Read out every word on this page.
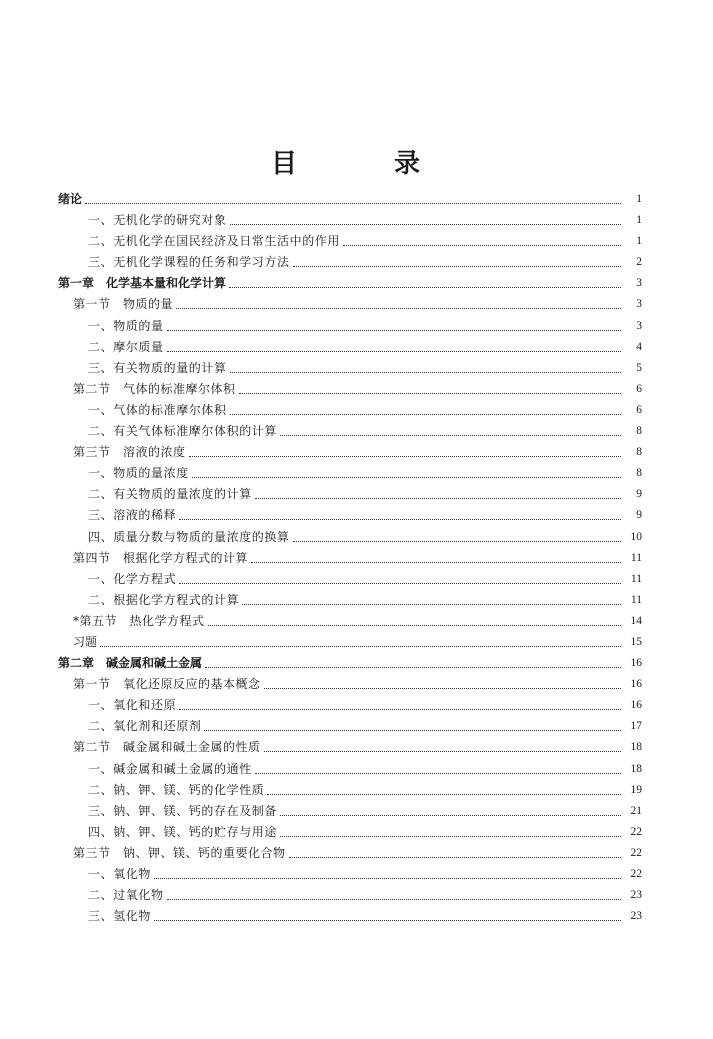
目 录
绪论	1
一、无机化学的研究对象	1
二、无机化学在国民经济及日常生活中的作用	1
三、无机化学课程的任务和学习方法	2
第一章　化学基本量和化学计算	3
第一节　物质的量	3
一、物质的量	3
二、摩尔质量	4
三、有关物质的量的计算	5
第二节　气体的标准摩尔体积	6
一、气体的标准摩尔体积	6
二、有关气体标准摩尔体积的计算	8
第三节　溶液的浓度	8
一、物质的量浓度	8
二、有关物质的量浓度的计算	9
三、溶液的稀释	9
四、质量分数与物质的量浓度的换算	10
第四节　根据化学方程式的计算	11
一、化学方程式	11
二、根据化学方程式的计算	11
*第五节　热化学方程式	14
习题	15
第二章　碱金属和碱土金属	16
第一节　氧化还原反应的基本概念	16
一、氧化和还原	16
二、氧化剂和还原剂	17
第二节　碱金属和碱土金属的性质	18
一、碱金属和碱土金属的通性	18
二、钠、钾、镁、钙的化学性质	19
三、钠、钾、镁、钙的存在及制备	21
四、钠、钾、镁、钙的贮存与用途	22
第三节　钠、钾、镁、钙的重要化合物	22
一、氧化物	22
二、过氧化物	23
三、氢化物	23
